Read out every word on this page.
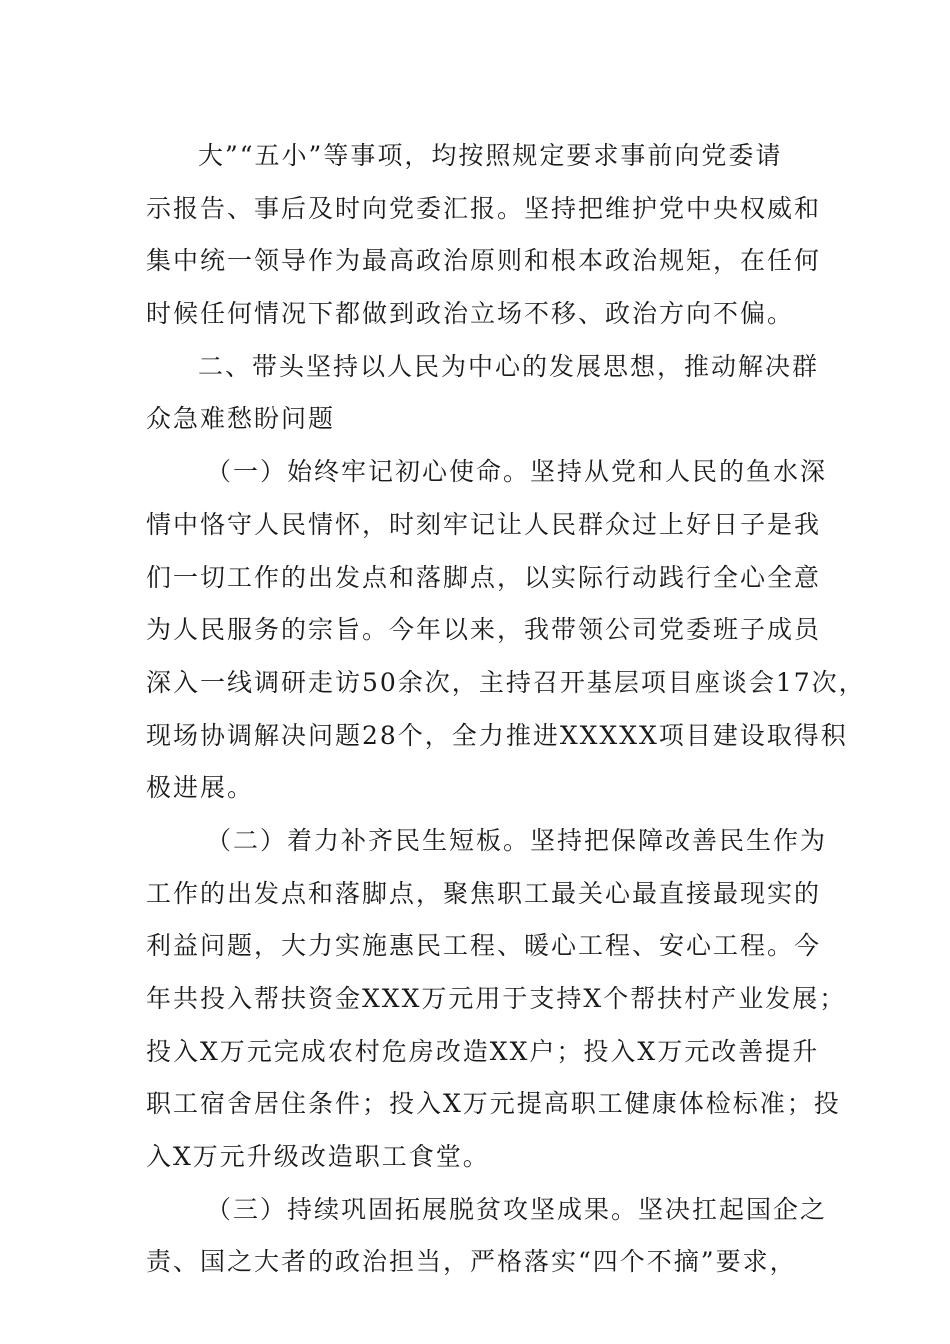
大”“五小”等事项，均按照规定要求事前向党委请
示报告、事后及时向党委汇报。坚持把维护党中央权威和
集中统一领导作为最高政治原则和根本政治规矩，在任何
时候任何情况下都做到政治立场不移、政治方向不偏。
二、带头坚持以人民为中心的发展思想，推动解决群
众急难愁盼问题
（一）始终牢记初心使命。坚持从党和人民的鱼水深
情中恪守人民情怀，时刻牢记让人民群众过上好日子是我
们一切工作的出发点和落脚点，以实际行动践行全心全意
为人民服务的宗旨。今年以来，我带领公司党委班子成员
深入一线调研走访50余次，主持召开基层项目座谈会17次，
现场协调解决问题28个，全力推进XXXXX项目建设取得积
极进展。
（二）着力补齐民生短板。坚持把保障改善民生作为
工作的出发点和落脚点，聚焦职工最关心最直接最现实的
利益问题，大力实施惠民工程、暖心工程、安心工程。今
年共投入帮扶资金XXX万元用于支持X个帮扶村产业发展；
投入X万元完成农村危房改造XX户；投入X万元改善提升
职工宿舍居住条件；投入X万元提高职工健康体检标准；投
入X万元升级改造职工食堂。
（三）持续巩固拓展脱贫攻坚成果。坚决扛起国企之
责、国之大者的政治担当，严格落实“四个不摘”要求，
